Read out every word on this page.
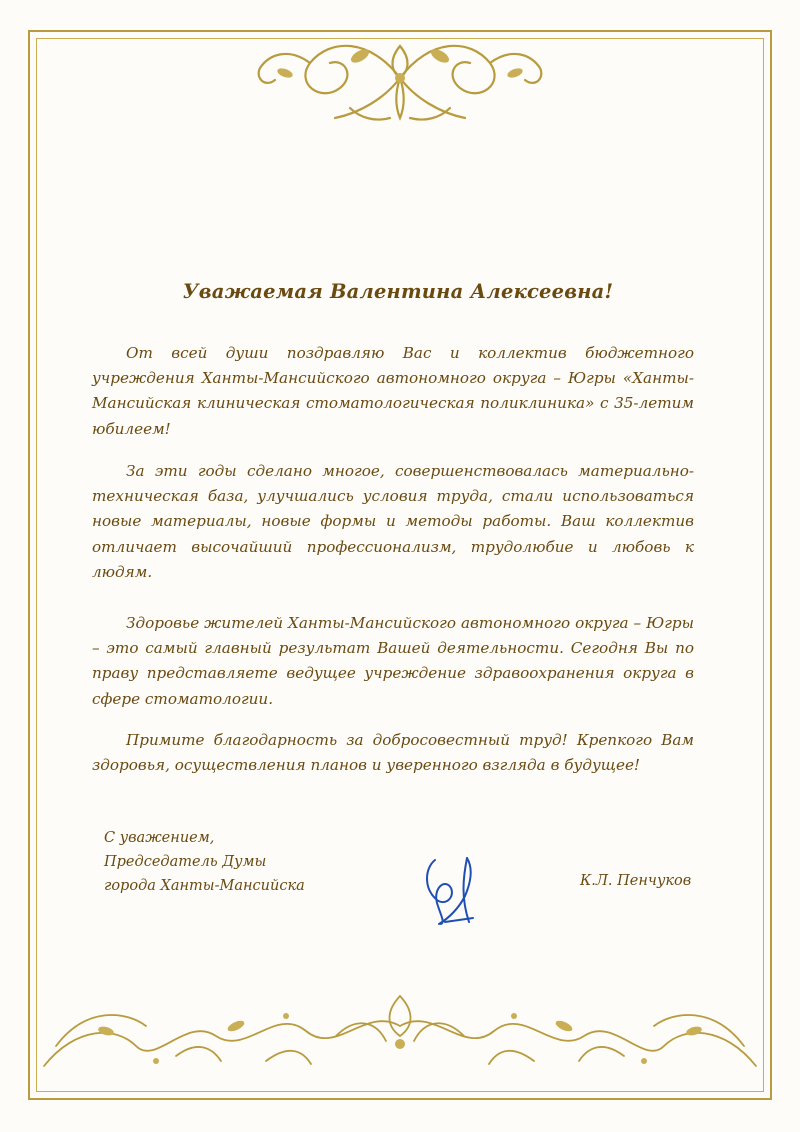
Уважаемая Валентина Алексеевна!

От всей души поздравляю Вас и коллектив бюджетного учреждения Ханты-Мансийского автономного округа – Югры «Ханты-Мансийская клиническая стоматологическая поликлиника» с 35-летим юбилеем!

За эти годы сделано многое, совершенствовалась материально-техническая база, улучшались условия труда, стали использоваться новые материалы, новые формы и методы работы. Ваш коллектив отличает высочайший профессионализм, трудолюбие и любовь к людям.

Здоровье жителей Ханты-Мансийского автономного округа – Югры – это самый главный результат Вашей деятельности. Сегодня Вы по праву представляете ведущее учреждение здравоохранения округа в сфере стоматологии.

Примите благодарность за добросовестный труд! Крепкого Вам здоровья, осуществления планов и уверенного взгляда в будущее!

С уважением,
Председатель Думы
города Ханты-Мансийска	К.Л. Пенчуков
